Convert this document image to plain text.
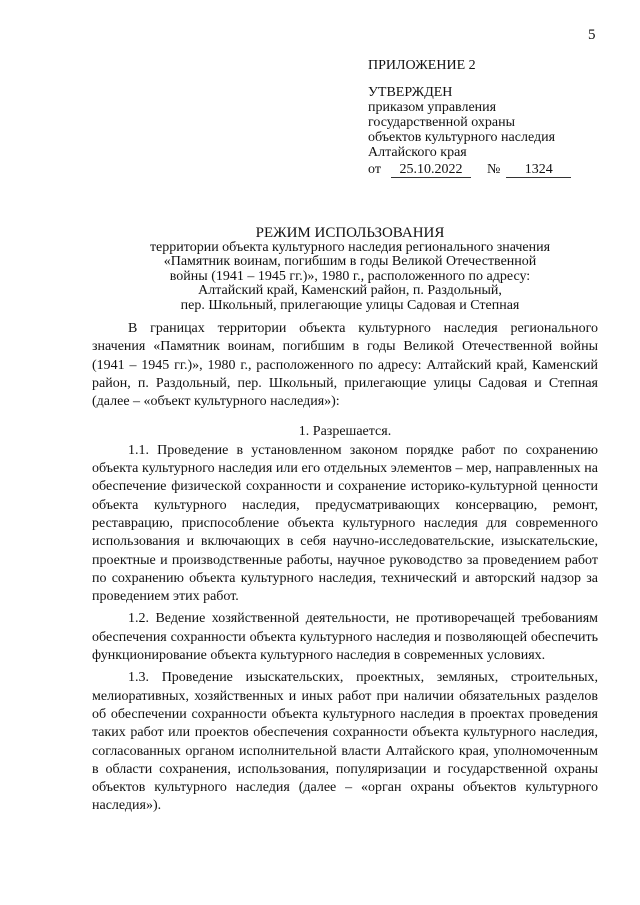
5
ПРИЛОЖЕНИЕ 2
УТВЕРЖДЕН
приказом управления
государственной охраны
объектов культурного наследия
Алтайского края
от 25.10.2022 № 1324
РЕЖИМ ИСПОЛЬЗОВАНИЯ
территории объекта культурного наследия регионального значения
«Памятник воинам, погибшим в годы Великой Отечественной
войны (1941 – 1945 гг.)», 1980 г., расположенного по адресу:
Алтайский край, Каменский район, п. Раздольный,
пер. Школьный, прилегающие улицы Садовая и Степная

В границах территории объекта культурного наследия регионального значения «Памятник воинам, погибшим в годы Великой Отечественной войны (1941 – 1945 гг.)», 1980 г., расположенного по адресу: Алтайский край, Каменский район, п. Раздольный, пер. Школьный, прилегающие улицы Садовая и Степная (далее – «объект культурного наследия»):

1. Разрешается.

1.1. Проведение в установленном законом порядке работ по сохранению объекта культурного наследия или его отдельных элементов – мер, направленных на обеспечение физической сохранности и сохранение историко-культурной ценности объекта культурного наследия, предусматривающих консервацию, ремонт, реставрацию, приспособление объекта культурного наследия для современного использования и включающих в себя научно-исследовательские, изыскательские, проектные и производственные работы, научное руководство за проведением работ по сохранению объекта культурного наследия, технический и авторский надзор за проведением этих работ.

1.2. Ведение хозяйственной деятельности, не противоречащей требованиям обеспечения сохранности объекта культурного наследия и позволяющей обеспечить функционирование объекта культурного наследия в современных условиях.

1.3. Проведение изыскательских, проектных, земляных, строительных, мелиоративных, хозяйственных и иных работ при наличии обязательных разделов об обеспечении сохранности объекта культурного наследия в проектах проведения таких работ или проектов обеспечения сохранности объекта культурного наследия, согласованных органом исполнительной власти Алтайского края, уполномоченным в области сохранения, использования, популяризации и государственной охраны объектов культурного наследия (далее – «орган охраны объектов культурного наследия»).
